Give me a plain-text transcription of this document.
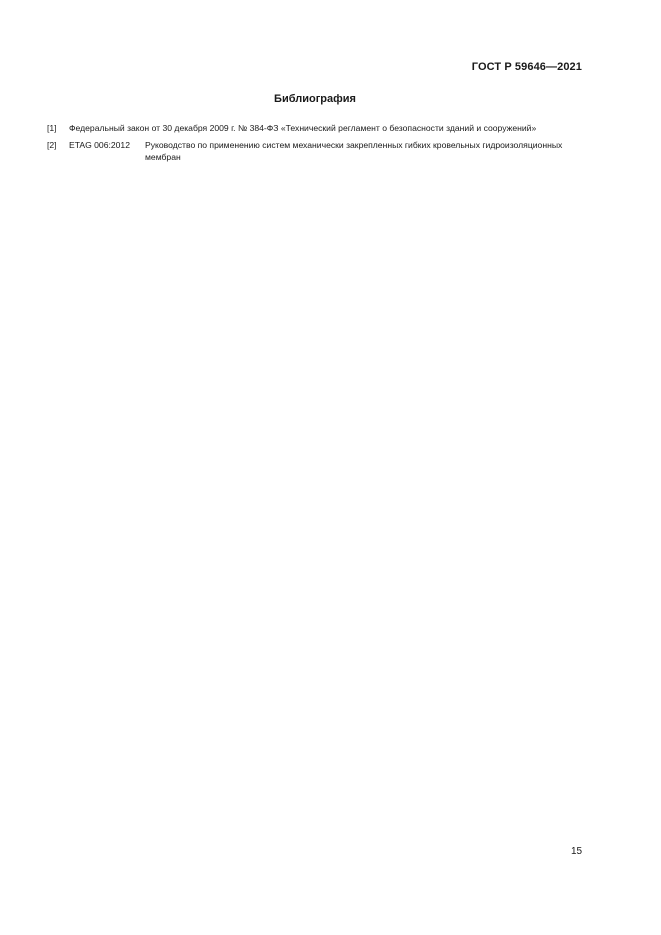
ГОСТ Р 59646—2021
Библиография
[1] Федеральный закон от 30 декабря 2009 г. № 384-ФЗ «Технический регламент о безопасности зданий и сооружений»
[2] ETAG 006:2012 Руководство по применению систем механически закрепленных гибких кровельных гидроизоляционных мембран
15
